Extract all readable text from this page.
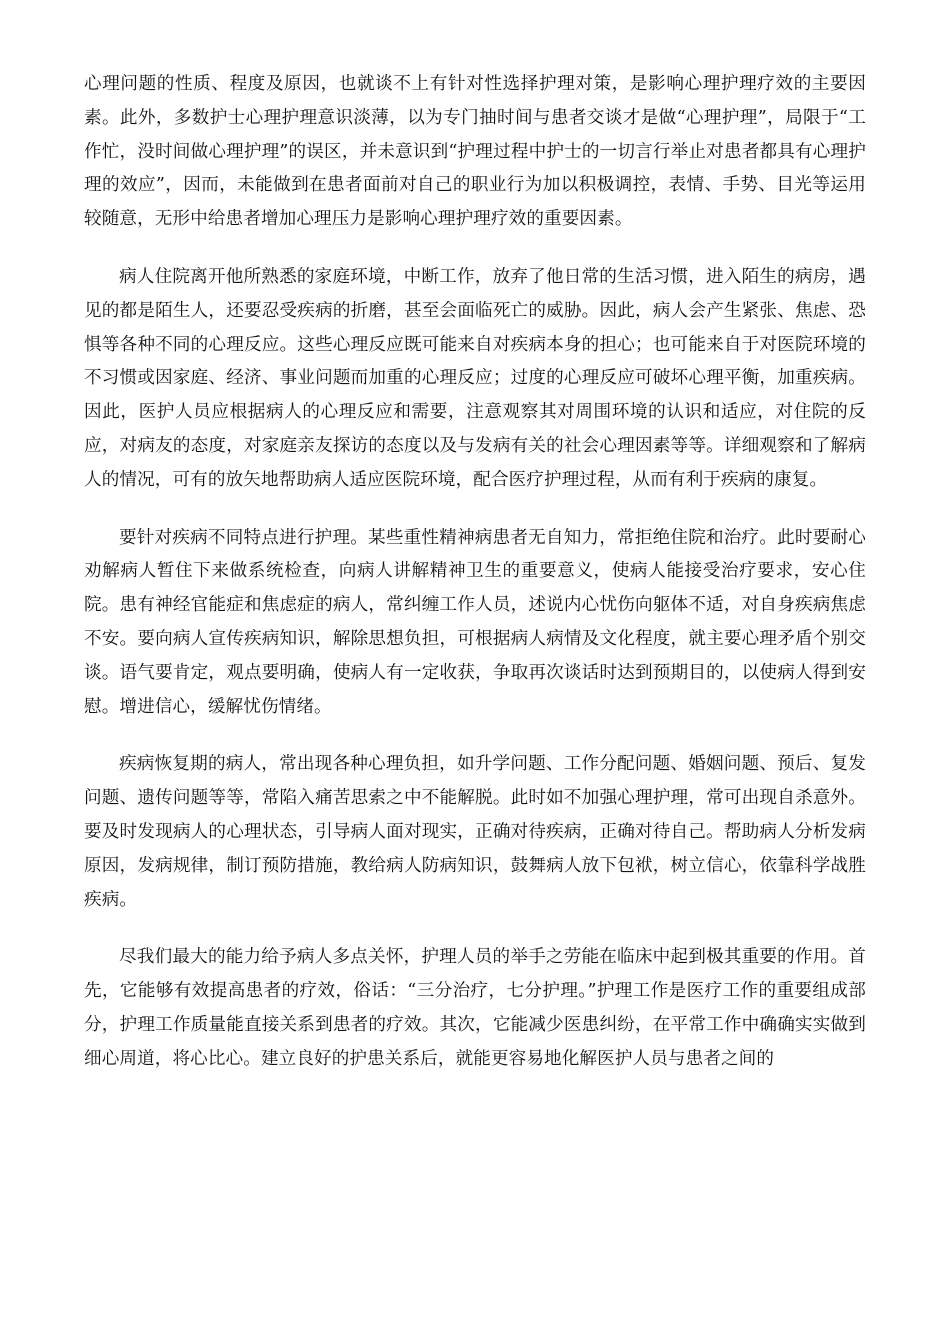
心理问题的性质、程度及原因，也就谈不上有针对性选择护理对策，是影响心理护理疗效的主要因素。此外，多数护士心理护理意识淡薄，以为专门抽时间与患者交谈才是做“心理护理”，局限于“工作忙，没时间做心理护理”的误区，并未意识到“护理过程中护士的一切言行举止对患者都具有心理护理的效应”，因而，未能做到在患者面前对自己的职业行为加以积极调控，表情、手势、目光等运用较随意，无形中给患者增加心理压力是影响心理护理疗效的重要因素。

病人住院离开他所熟悉的家庭环境，中断工作，放弃了他日常的生活习惯，进入陌生的病房，遇见的都是陌生人，还要忍受疾病的折磨，甚至会面临死亡的威胁。因此，病人会产生紧张、焦虑、恐惧等各种不同的心理反应。这些心理反应既可能来自对疾病本身的担心；也可能来自于对医院环境的不习惯或因家庭、经济、事业问题而加重的心理反应；过度的心理反应可破坏心理平衡，加重疾病。因此，医护人员应根据病人的心理反应和需要，注意观察其对周围环境的认识和适应，对住院的反应，对病友的态度，对家庭亲友探访的态度以及与发病有关的社会心理因素等等。详细观察和了解病人的情况，可有的放矢地帮助病人适应医院环境，配合医疗护理过程，从而有利于疾病的康复。

要针对疾病不同特点进行护理。某些重性精神病患者无自知力，常拒绝住院和治疗。此时要耐心劝解病人暂住下来做系统检查，向病人讲解精神卫生的重要意义，使病人能接受治疗要求，安心住院。患有神经官能症和焦虑症的病人，常纠缠工作人员，述说内心忧伤向躯体不适，对自身疾病焦虑不安。要向病人宣传疾病知识，解除思想负担，可根据病人病情及文化程度，就主要心理矛盾个别交谈。语气要肯定，观点要明确，使病人有一定收获，争取再次谈话时达到预期目的，以使病人得到安慰。增进信心，缓解忧伤情绪。

疾病恢复期的病人，常出现各种心理负担，如升学问题、工作分配问题、婚姻问题、预后、复发问题、遗传问题等等，常陷入痛苦思索之中不能解脱。此时如不加强心理护理，常可出现自杀意外。要及时发现病人的心理状态，引导病人面对现实，正确对待疾病，正确对待自己。帮助病人分析发病原因，发病规律，制订预防措施，教给病人防病知识，鼓舞病人放下包袱，树立信心，依靠科学战胜疾病。

尽我们最大的能力给予病人多点关怀，护理人员的举手之劳能在临床中起到极其重要的作用。首先，它能够有效提高患者的疗效，俗话：“三分治疗，七分护理。”护理工作是医疗工作的重要组成部分，护理工作质量能直接关系到患者的疗效。其次，它能减少医患纠纷，在平常工作中确确实实做到细心周道，将心比心。建立良好的护患关系后，就能更容易地化解医护人员与患者之间的
